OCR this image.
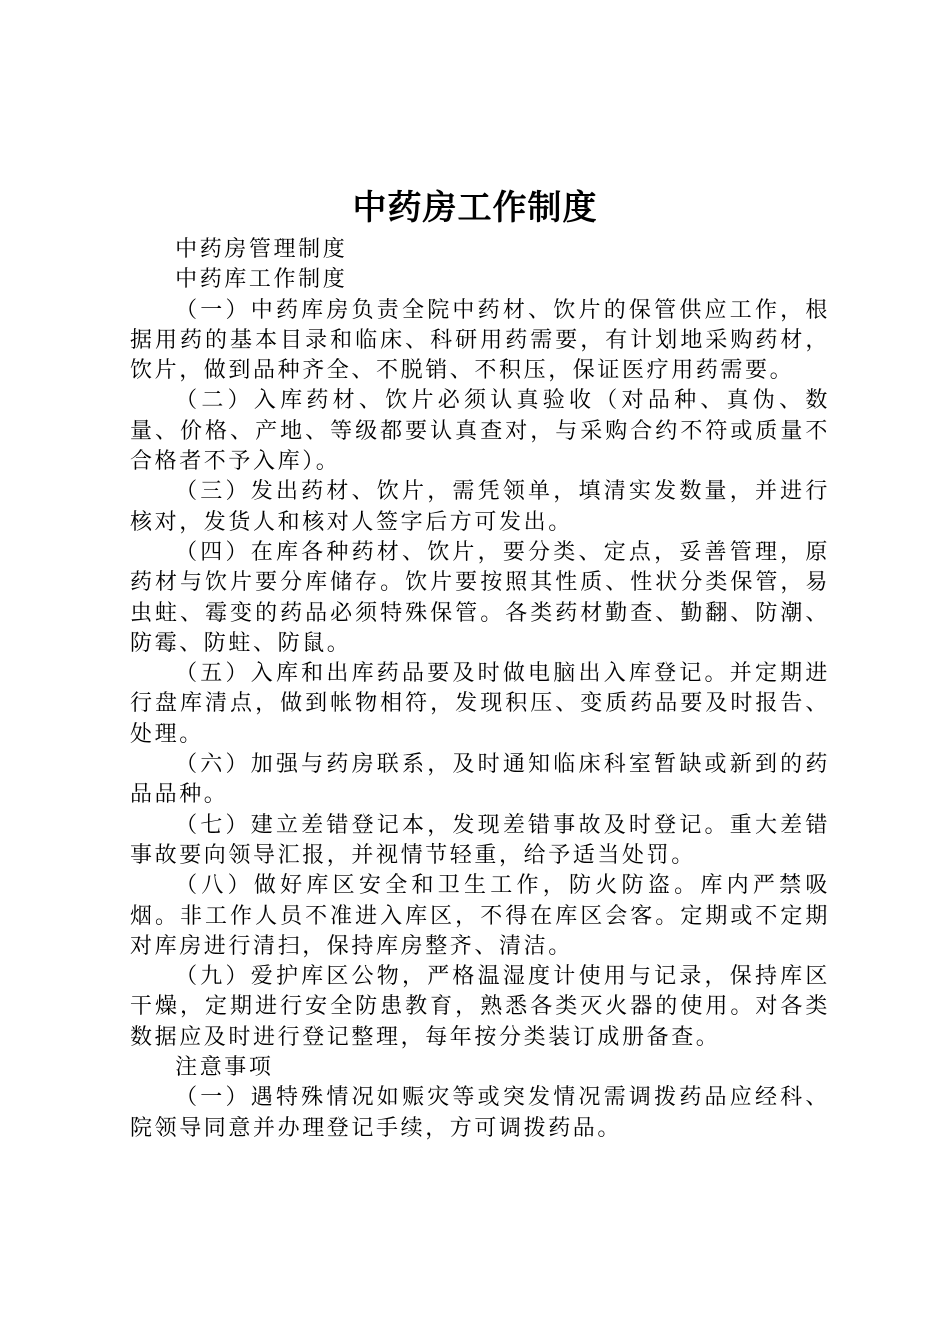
中药房工作制度

中药房管理制度

中药库工作制度

（一）中药库房负责全院中药材、饮片的保管供应工作，根据用药的基本目录和临床、科研用药需要，有计划地采购药材，饮片，做到品种齐全、不脱销、不积压，保证医疗用药需要。

（二）入库药材、饮片必须认真验收（对品种、真伪、数量、价格、产地、等级都要认真查对，与采购合约不符或质量不合格者不予入库）。

（三）发出药材、饮片，需凭领单，填清实发数量，并进行核对，发货人和核对人签字后方可发出。

（四）在库各种药材、饮片，要分类、定点，妥善管理，原药材与饮片要分库储存。饮片要按照其性质、性状分类保管，易虫蛀、霉变的药品必须特殊保管。各类药材勤查、勤翻、防潮、防霉、防蛀、防鼠。

（五）入库和出库药品要及时做电脑出入库登记。并定期进行盘库清点，做到帐物相符，发现积压、变质药品要及时报告、处理。

（六）加强与药房联系，及时通知临床科室暂缺或新到的药品品种。

（七）建立差错登记本，发现差错事故及时登记。重大差错事故要向领导汇报，并视情节轻重，给予适当处罚。

（八）做好库区安全和卫生工作，防火防盗。库内严禁吸烟。非工作人员不准进入库区，不得在库区会客。定期或不定期对库房进行清扫，保持库房整齐、清洁。

（九）爱护库区公物，严格温湿度计使用与记录，保持库区干燥，定期进行安全防患教育，熟悉各类灭火器的使用。对各类数据应及时进行登记整理，每年按分类装订成册备查。

注意事项

（一）遇特殊情况如赈灾等或突发情况需调拨药品应经科、院领导同意并办理登记手续，方可调拨药品。
